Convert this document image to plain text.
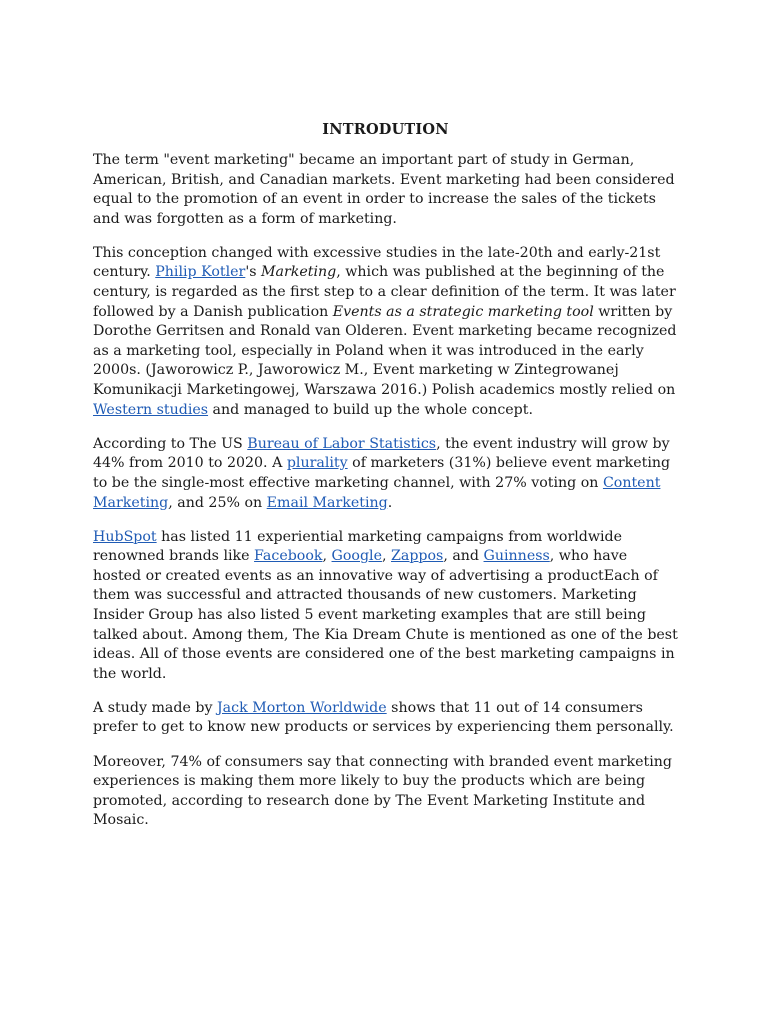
INTRODUTION

The term "event marketing" became an important part of study in German, American, British, and Canadian markets. Event marketing had been considered equal to the promotion of an event in order to increase the sales of the tickets and was forgotten as a form of marketing.

This conception changed with excessive studies in the late-20th and early-21st century. Philip Kotler's Marketing, which was published at the beginning of the century, is regarded as the first step to a clear definition of the term. It was later followed by a Danish publication Events as a strategic marketing tool written by Dorothe Gerritsen and Ronald van Olderen. Event marketing became recognized as a marketing tool, especially in Poland when it was introduced in the early 2000s. (Jaworowicz P., Jaworowicz M., Event marketing w Zintegrowanej Komunikacji Marketingowej, Warszawa 2016.) Polish academics mostly relied on Western studies and managed to build up the whole concept.

According to The US Bureau of Labor Statistics, the event industry will grow by 44% from 2010 to 2020. A plurality of marketers (31%) believe event marketing to be the single-most effective marketing channel, with 27% voting on Content Marketing, and 25% on Email Marketing.

HubSpot has listed 11 experiential marketing campaigns from worldwide renowned brands like Facebook, Google, Zappos, and Guinness, who have hosted or created events as an innovative way of advertising a productEach of them was successful and attracted thousands of new customers. Marketing Insider Group has also listed 5 event marketing examples that are still being talked about. Among them, The Kia Dream Chute is mentioned as one of the best ideas. All of those events are considered one of the best marketing campaigns in the world.

A study made by Jack Morton Worldwide shows that 11 out of 14 consumers prefer to get to know new products or services by experiencing them personally.

Moreover, 74% of consumers say that connecting with branded event marketing experiences is making them more likely to buy the products which are being promoted, according to research done by The Event Marketing Institute and Mosaic.
